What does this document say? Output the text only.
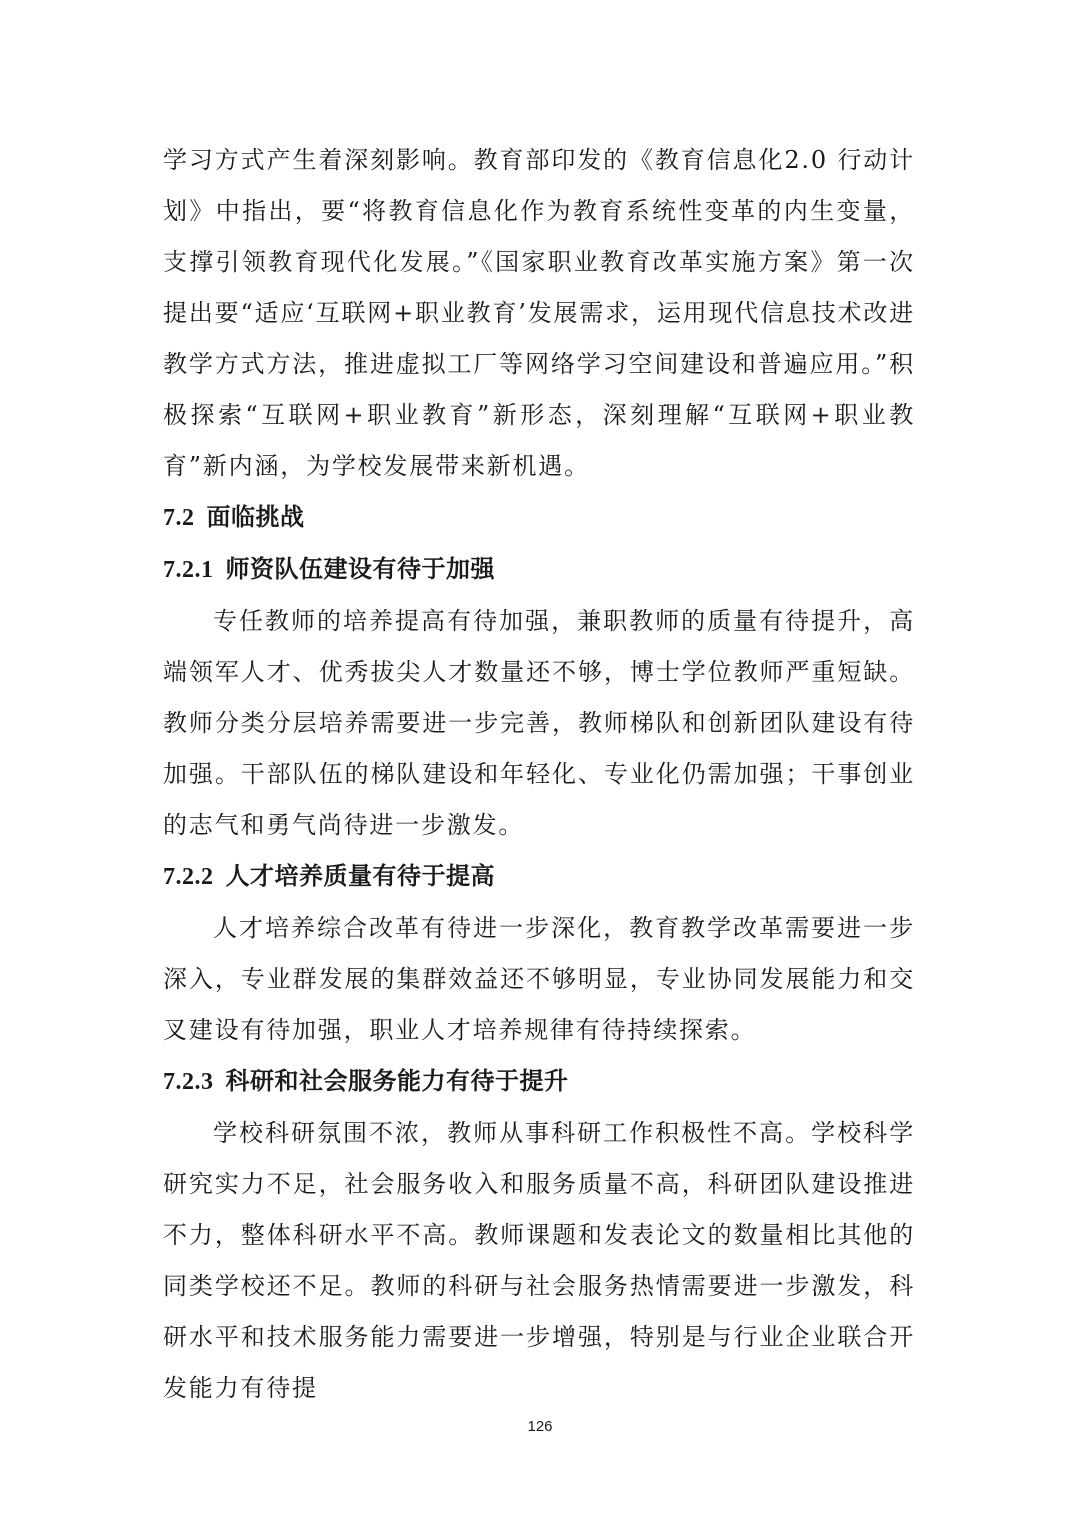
学习方式产生着深刻影响。教育部印发的《教育信息化2.0 行动计划》中指出，要“将教育信息化作为教育系统性变革的内生变量，支撑引领教育现代化发展。”《国家职业教育改革实施方案》第一次提出要“适应‘互联网+职业教育’发展需求，运用现代信息技术改进教学方式方法，推进虚拟工厂等网络学习空间建设和普遍应用。”积极探索“互联网+职业教育”新形态，深刻理解“互联网+职业教育”新内涵，为学校发展带来新机遇。

7.2 面临挑战
7.2.1 师资队伍建设有待于加强

专任教师的培养提高有待加强，兼职教师的质量有待提升，高端领军人才、优秀拔尖人才数量还不够，博士学位教师严重短缺。教师分类分层培养需要进一步完善，教师梯队和创新团队建设有待加强。干部队伍的梯队建设和年轻化、专业化仍需加强；干事创业的志气和勇气尚待进一步激发。

7.2.2 人才培养质量有待于提高

人才培养综合改革有待进一步深化，教育教学改革需要进一步深入，专业群发展的集群效益还不够明显，专业协同发展能力和交叉建设有待加强，职业人才培养规律有待持续探索。

7.2.3 科研和社会服务能力有待于提升

学校科研氛围不浓，教师从事科研工作积极性不高。学校科学研究实力不足，社会服务收入和服务质量不高，科研团队建设推进不力，整体科研水平不高。教师课题和发表论文的数量相比其他的同类学校还不足。教师的科研与社会服务热情需要进一步激发，科研水平和技术服务能力需要进一步增强，特别是与行业企业联合开发能力有待提

126
